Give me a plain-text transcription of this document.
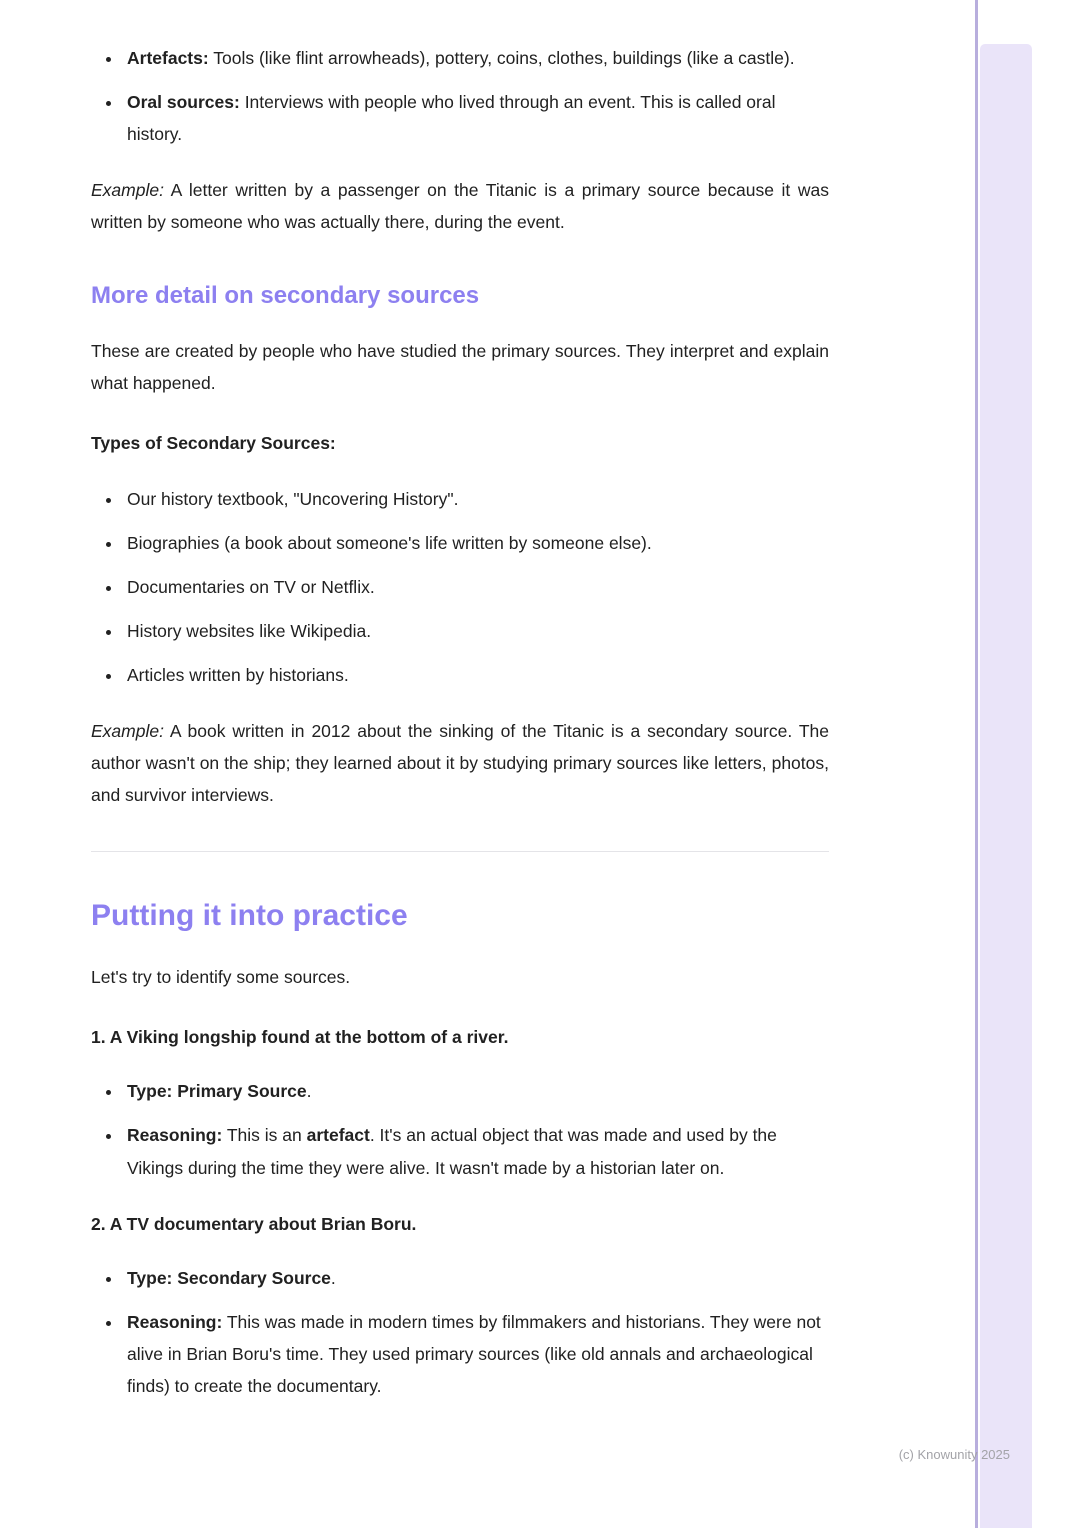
• Artefacts: Tools (like flint arrowheads), pottery, coins, clothes, buildings (like a castle).
• Oral sources: Interviews with people who lived through an event. This is called oral history.

Example: A letter written by a passenger on the Titanic is a primary source because it was written by someone who was actually there, during the event.

More detail on secondary sources

These are created by people who have studied the primary sources. They interpret and explain what happened.

Types of Secondary Sources:
• Our history textbook, "Uncovering History".
• Biographies (a book about someone's life written by someone else).
• Documentaries on TV or Netflix.
• History websites like Wikipedia.
• Articles written by historians.

Example: A book written in 2012 about the sinking of the Titanic is a secondary source. The author wasn't on the ship; they learned about it by studying primary sources like letters, photos, and survivor interviews.

Putting it into practice

Let's try to identify some sources.

1. A Viking longship found at the bottom of a river.
• Type: Primary Source.
• Reasoning: This is an artefact. It's an actual object that was made and used by the Vikings during the time they were alive. It wasn't made by a historian later on.
2. A TV documentary about Brian Boru.
• Type: Secondary Source.
• Reasoning: This was made in modern times by filmmakers and historians. They were not alive in Brian Boru's time. They used primary sources (like old annals and archaeological finds) to create the documentary.
(c) Knowunity 2025
